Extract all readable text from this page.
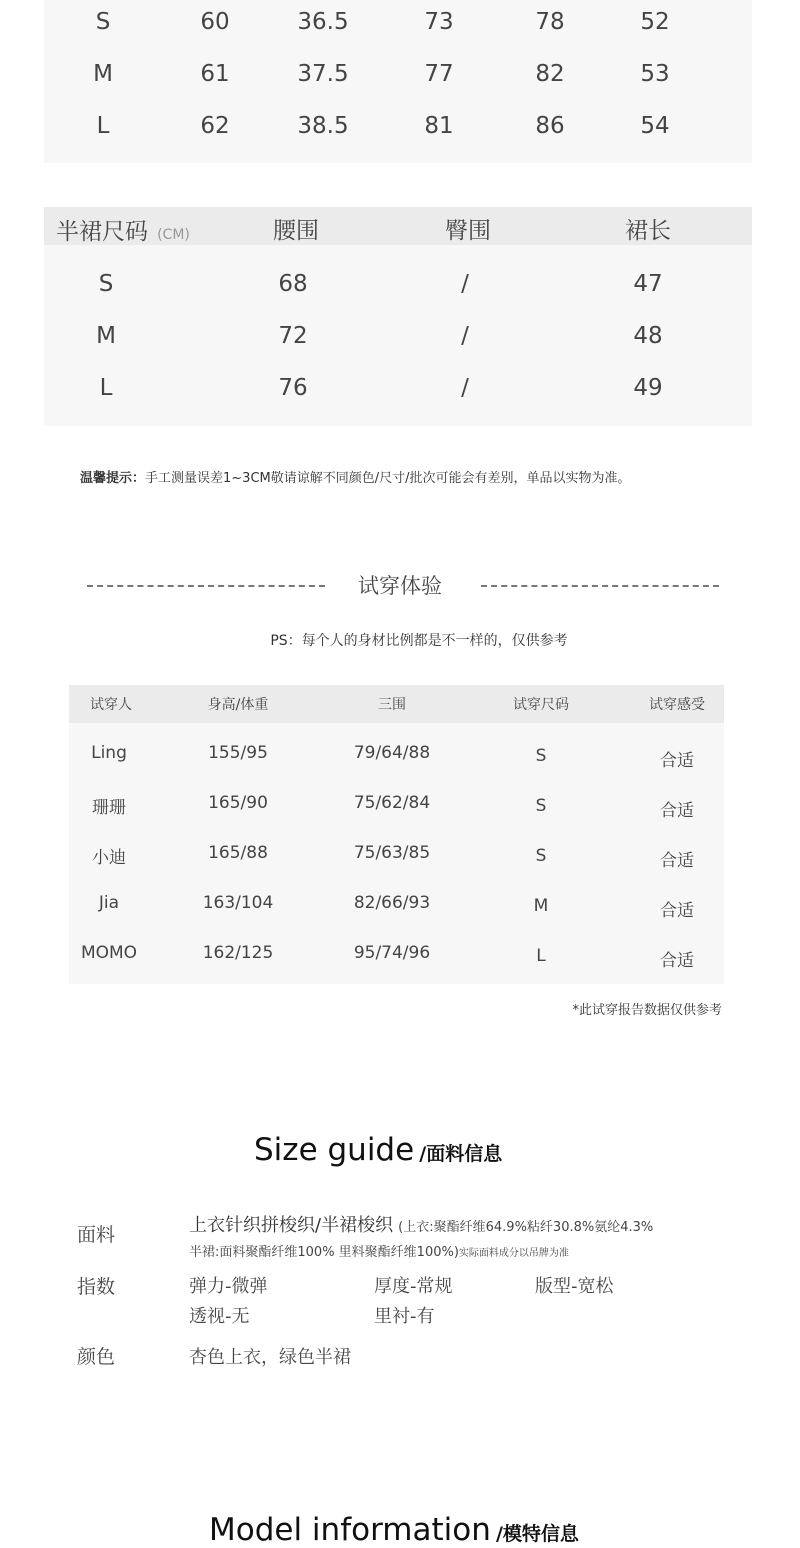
S	60	36.5	73	78	52
M	61	37.5	77	82	53
L	62	38.5	81	86	54
半裙尺码 (CM)	腰围	臀围	裙长
S	68	/	47
M	72	/	48
L	76	/	49
温馨提示：手工测量误差1~3CM敬请谅解不同颜色/尺寸/批次可能会有差别，单品以实物为准。
试穿体验
PS：每个人的身材比例都是不一样的，仅供参考
试穿人	身高/体重	三围	试穿尺码	试穿感受
Ling	155/95	79/64/88	S	合适
珊珊	165/90	75/62/84	S	合适
小迪	165/88	75/63/85	S	合适
Jia	163/104	82/66/93	M	合适
MOMO	162/125	95/74/96	L	合适
*此试穿报告数据仅供参考
Size guide /面料信息
面料	上衣针织拼梭织/半裙梭织 (上衣:聚酯纤维64.9%粘纤30.8%氨纶4.3%
半裙:面料聚酯纤维100% 里料聚酯纤维100%)实际面料成分以吊牌为准
指数	弹力-微弹	厚度-常规	版型-宽松
透视-无	里衬-有
颜色	杏色上衣，绿色半裙
Model information /模特信息
